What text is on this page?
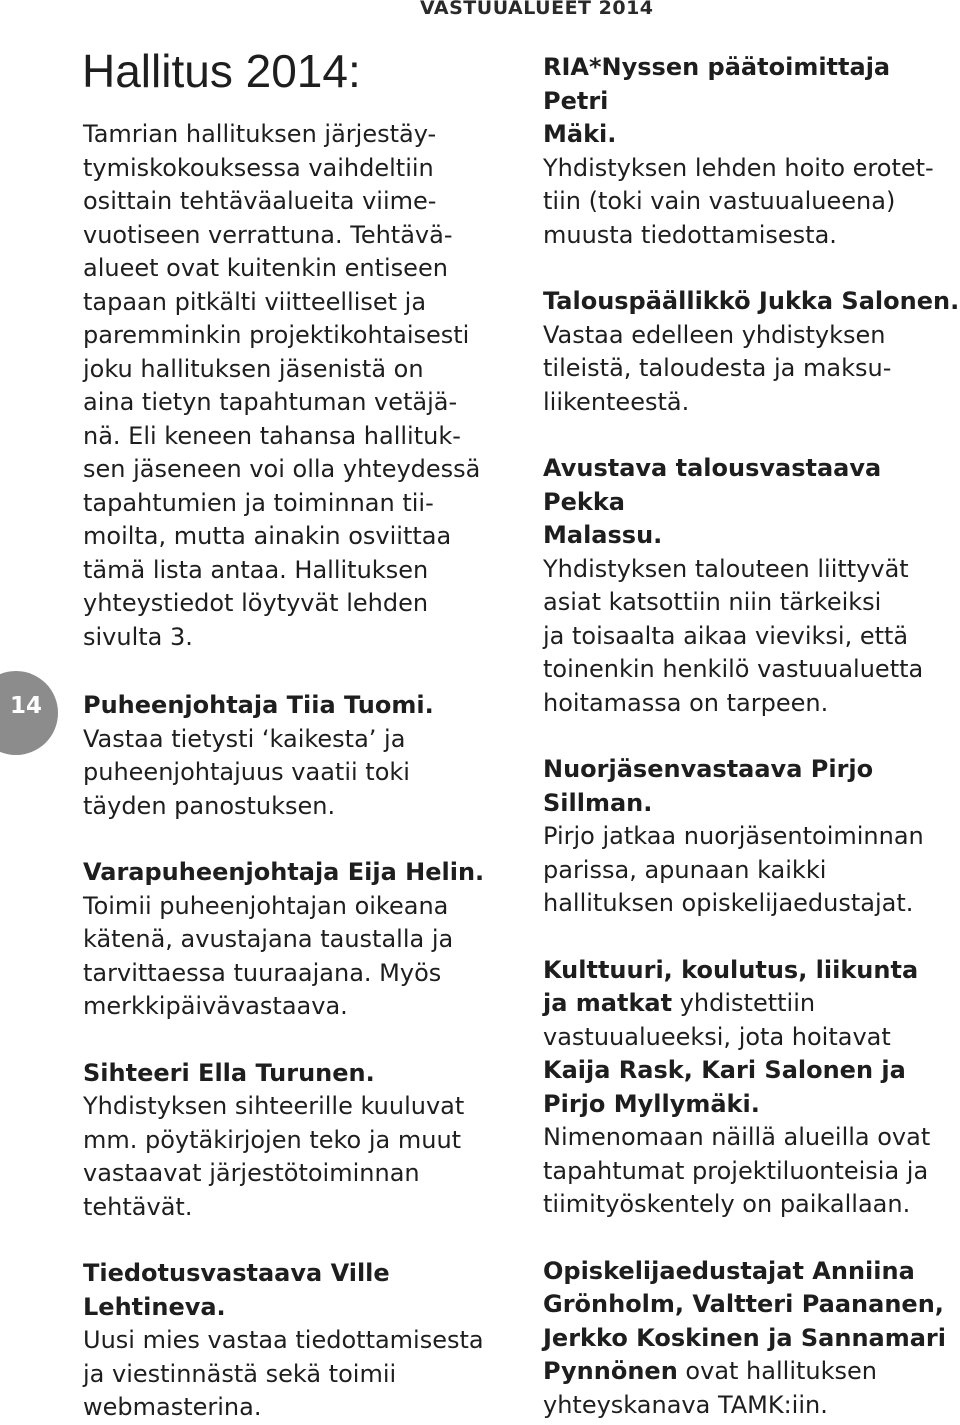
VASTUUALUEET 2014
14
Hallitus 2014:

Tamrian hallituksen järjestäy-
tymiskokouksessa vaihdeltiin
osittain tehtäväalueita viime-
vuotiseen verrattuna. Tehtävä-
alueet ovat kuitenkin entiseen
tapaan pitkälti viitteelliset ja
paremminkin projektikohtaisesti
joku hallituksen jäsenistä on
aina tietyn tapahtuman vetäjä-
nä. Eli keneen tahansa hallituk-
sen jäseneen voi olla yhteydessä
tapahtumien ja toiminnan tii-
moilta, mutta ainakin osviittaa
tämä lista antaa. Hallituksen
yhteystiedot löytyvät lehden
sivulta 3.

Puheenjohtaja Tiia Tuomi.
Vastaa tietysti ‘kaikesta’ ja
puheenjohtajuus vaatii toki
täyden panostuksen.

Varapuheenjohtaja Eija Helin.
Toimii puheenjohtajan oikeana
kätenä, avustajana taustalla ja
tarvittaessa tuuraajana. Myös
merkkipäivävastaava.

Sihteeri Ella Turunen.
Yhdistyksen sihteerille kuuluvat
mm. pöytäkirjojen teko ja muut
vastaavat järjestötoiminnan
tehtävät.

Tiedotusvastaava Ville
Lehtineva.
Uusi mies vastaa tiedottamisesta
ja viestinnästä sekä toimii
webmasterina.

RIA*Nyssen päätoimittaja Petri
Mäki.
Yhdistyksen lehden hoito erotet-
tiin (toki vain vastuualueena)
muusta tiedottamisesta.

Talouspäällikkö Jukka Salonen.
Vastaa edelleen yhdistyksen
tileistä, taloudesta ja maksu-
liikenteestä.

Avustava talousvastaava Pekka
Malassu.
Yhdistyksen talouteen liittyvät
asiat katsottiin niin tärkeiksi
ja toisaalta aikaa vieviksi, että
toinenkin henkilö vastuualuetta
hoitamassa on tarpeen.

Nuorjäsenvastaava Pirjo
Sillman.
Pirjo jatkaa nuorjäsentoiminnan
parissa, apunaan kaikki
hallituksen opiskelijaedustajat.

Kulttuuri, koulutus, liikunta
ja matkat yhdistettiin
vastuualueeksi, jota hoitavat
Kaija Rask, Kari Salonen ja
Pirjo Myllymäki.
Nimenomaan näillä alueilla ovat
tapahtumat projektiluonteisia ja
tiimityöskentely on paikallaan.

Opiskelijaedustajat Anniina
Grönholm, Valtteri Paananen,
Jerkko Koskinen ja Sannamari
Pynnönen ovat hallituksen
yhteyskanava TAMK:iin.
